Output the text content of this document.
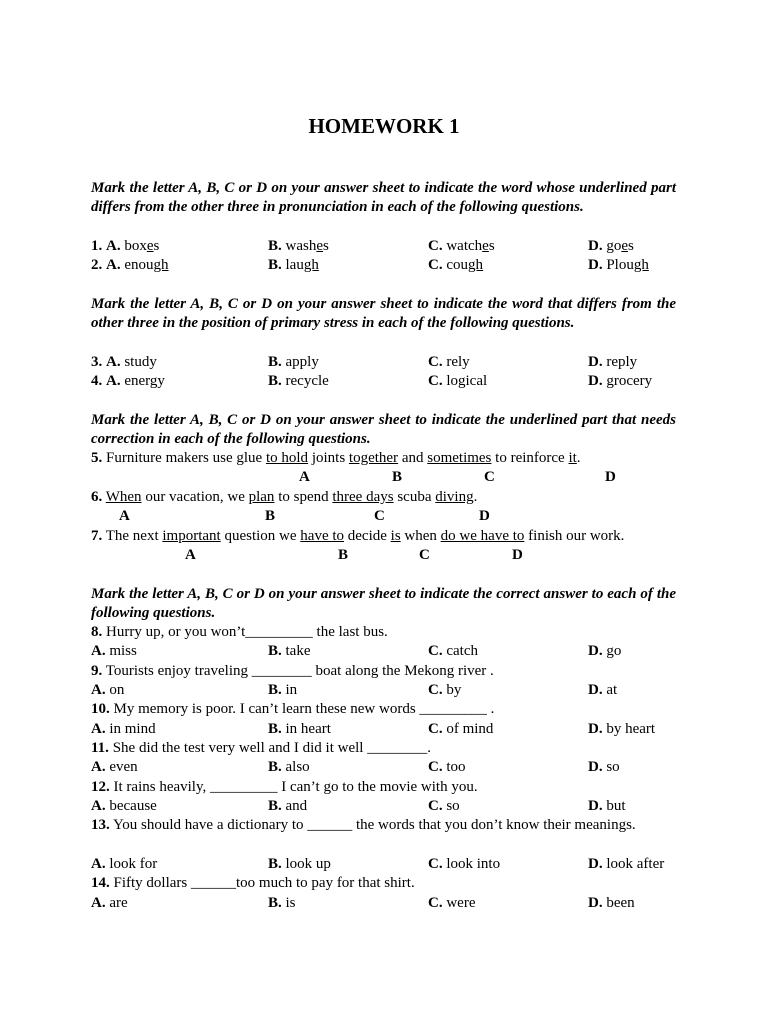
HOMEWORK 1
Mark the letter A, B, C or D on your answer sheet to indicate the word whose underlined part differs from the other three in pronunciation in each of the following questions.
1. A. boxes	B. washes	C. watches	D. goes
2. A. enough	B. laugh	C. cough	D. Plough
Mark the letter A, B, C or D on your answer sheet to indicate the word that differs from the other three in the position of primary stress in each of the following questions.
3. A. study	B. apply	C. rely	D. reply
4. A. energy	B. recycle	C. logical	D. grocery
Mark the letter A, B, C or D on your answer sheet to indicate the underlined part that needs correction in each of the following questions.
5. Furniture makers use glue to hold joints together and sometimes to reinforce it.
A	B	C	D
6. When our vacation, we plan to spend three days scuba diving.
A	B	C	D
7. The next important question we have to decide is when do we have to finish our work.
A	B	C	D
Mark the letter A, B, C or D on your answer sheet to indicate the correct answer to each of the following questions.
8. Hurry up, or you won’t_________ the last bus.
A. miss	B. take	C. catch	D. go
9. Tourists enjoy traveling ________ boat along the Mekong river .
A. on	B. in	C. by	D. at
10. My memory is poor. I can’t learn these new words _________ .
A. in mind	B. in heart	C. of mind	D. by heart
11. She did the test very well and I did it well ________.
A. even	B. also	C. too	D. so
12. It rains heavily, _________ I can’t go to the movie with you.
A. because	B. and	C. so	D. but
13. You should have a dictionary to ______ the words that you don’t know their meanings.
A. look for	B. look up	C. look into	D. look after
14. Fifty dollars ______too much to pay for that shirt.
A. are	B. is	C. were	D. been
